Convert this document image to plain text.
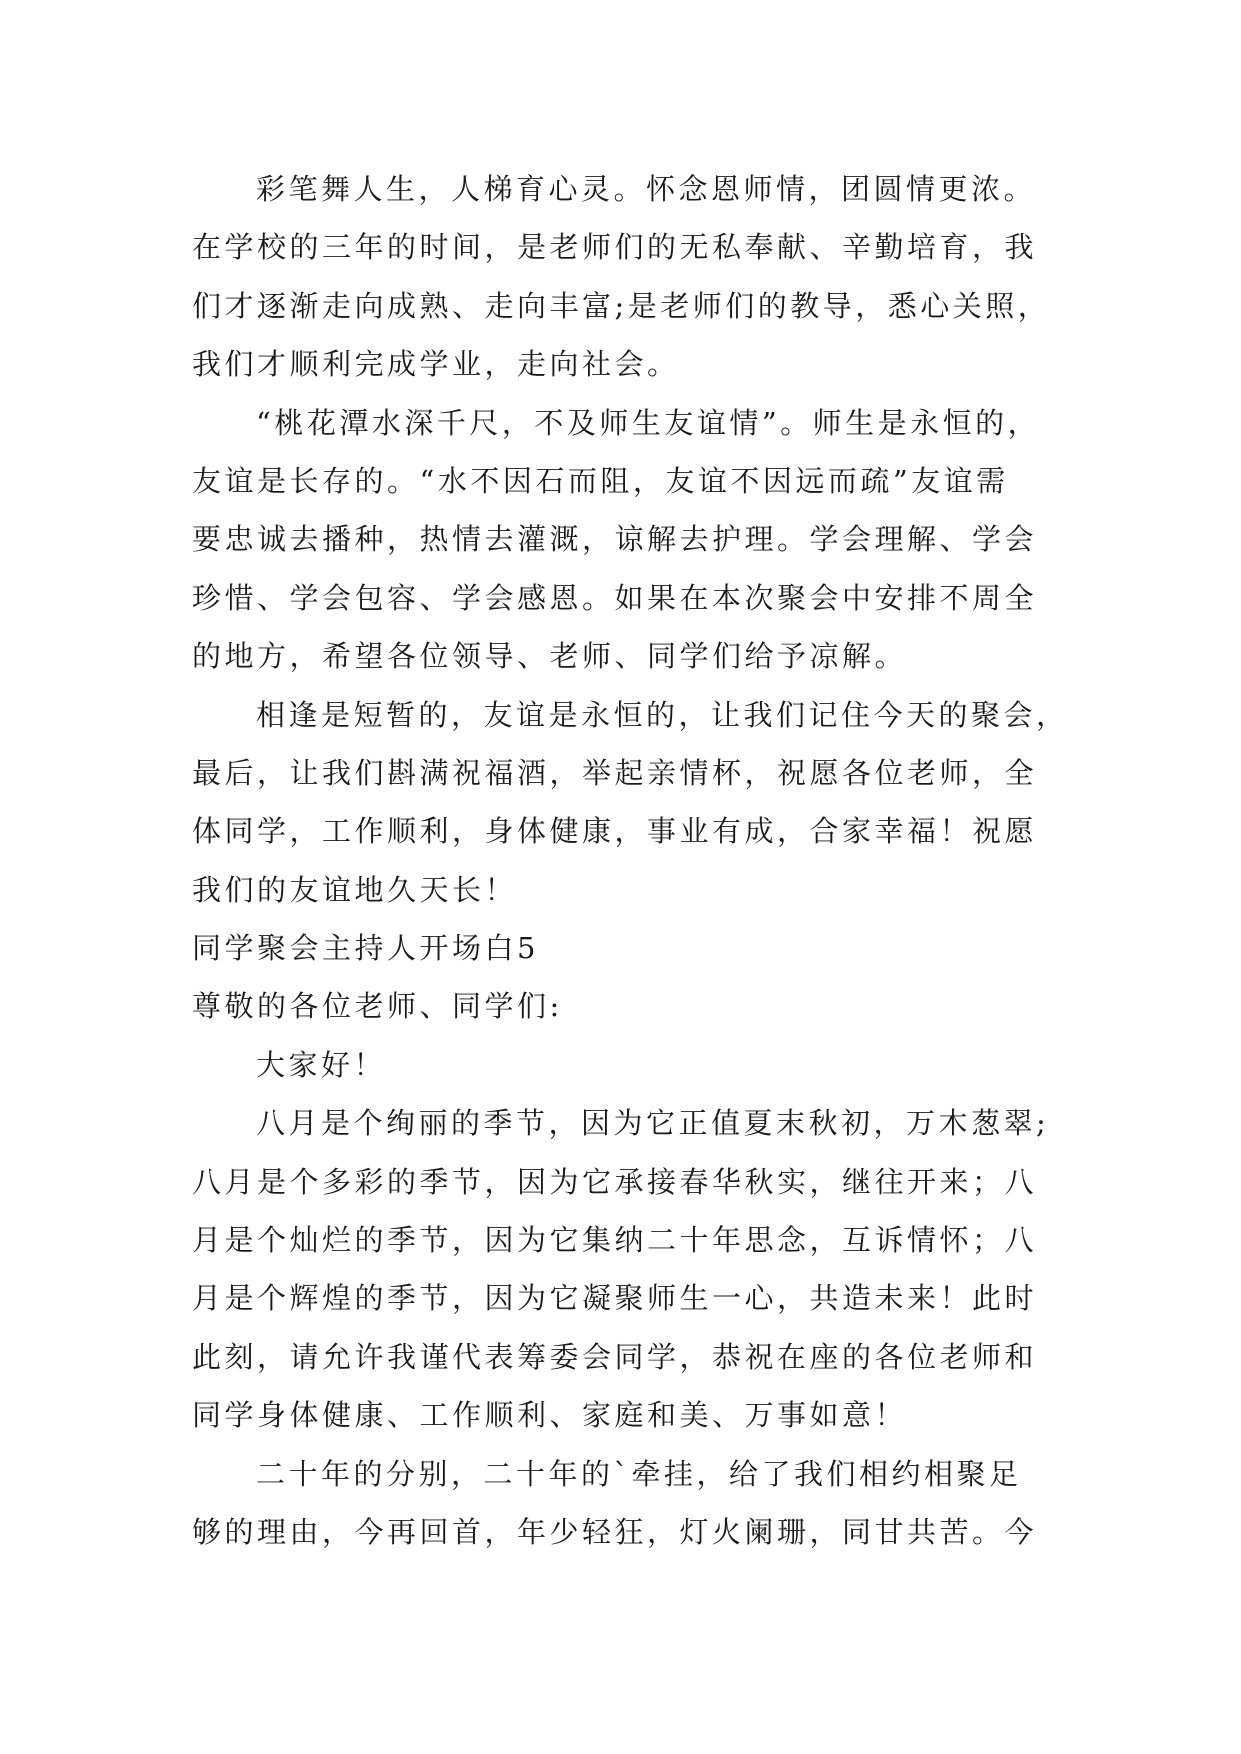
彩笔舞人生，人梯育心灵。怀念恩师情，团圆情更浓。
在学校的三年的时间，是老师们的无私奉献、辛勤培育，我
们才逐渐走向成熟、走向丰富;是老师们的教导，悉心关照，
我们才顺利完成学业，走向社会。
“桃花潭水深千尺，不及师生友谊情”。师生是永恒的，
友谊是长存的。“水不因石而阻，友谊不因远而疏”友谊需
要忠诚去播种，热情去灌溉，谅解去护理。学会理解、学会
珍惜、学会包容、学会感恩。如果在本次聚会中安排不周全
的地方，希望各位领导、老师、同学们给予凉解。
相逢是短暂的，友谊是永恒的，让我们记住今天的聚会，
最后，让我们斟满祝福酒，举起亲情杯，祝愿各位老师，全
体同学，工作顺利，身体健康，事业有成，合家幸福！祝愿
我们的友谊地久天长！
同学聚会主持人开场白5
尊敬的各位老师、同学们:
大家好！
八月是个绚丽的季节，因为它正值夏末秋初，万木葱翠;
八月是个多彩的季节，因为它承接春华秋实，继往开来；八
月是个灿烂的季节，因为它集纳二十年思念，互诉情怀；八
月是个辉煌的季节，因为它凝聚师生一心，共造未来！此时
此刻，请允许我谨代表筹委会同学，恭祝在座的各位老师和
同学身体健康、工作顺利、家庭和美、万事如意！
二十年的分别，二十年的`牵挂，给了我们相约相聚足
够的理由，今再回首，年少轻狂，灯火阑珊，同甘共苦。今
